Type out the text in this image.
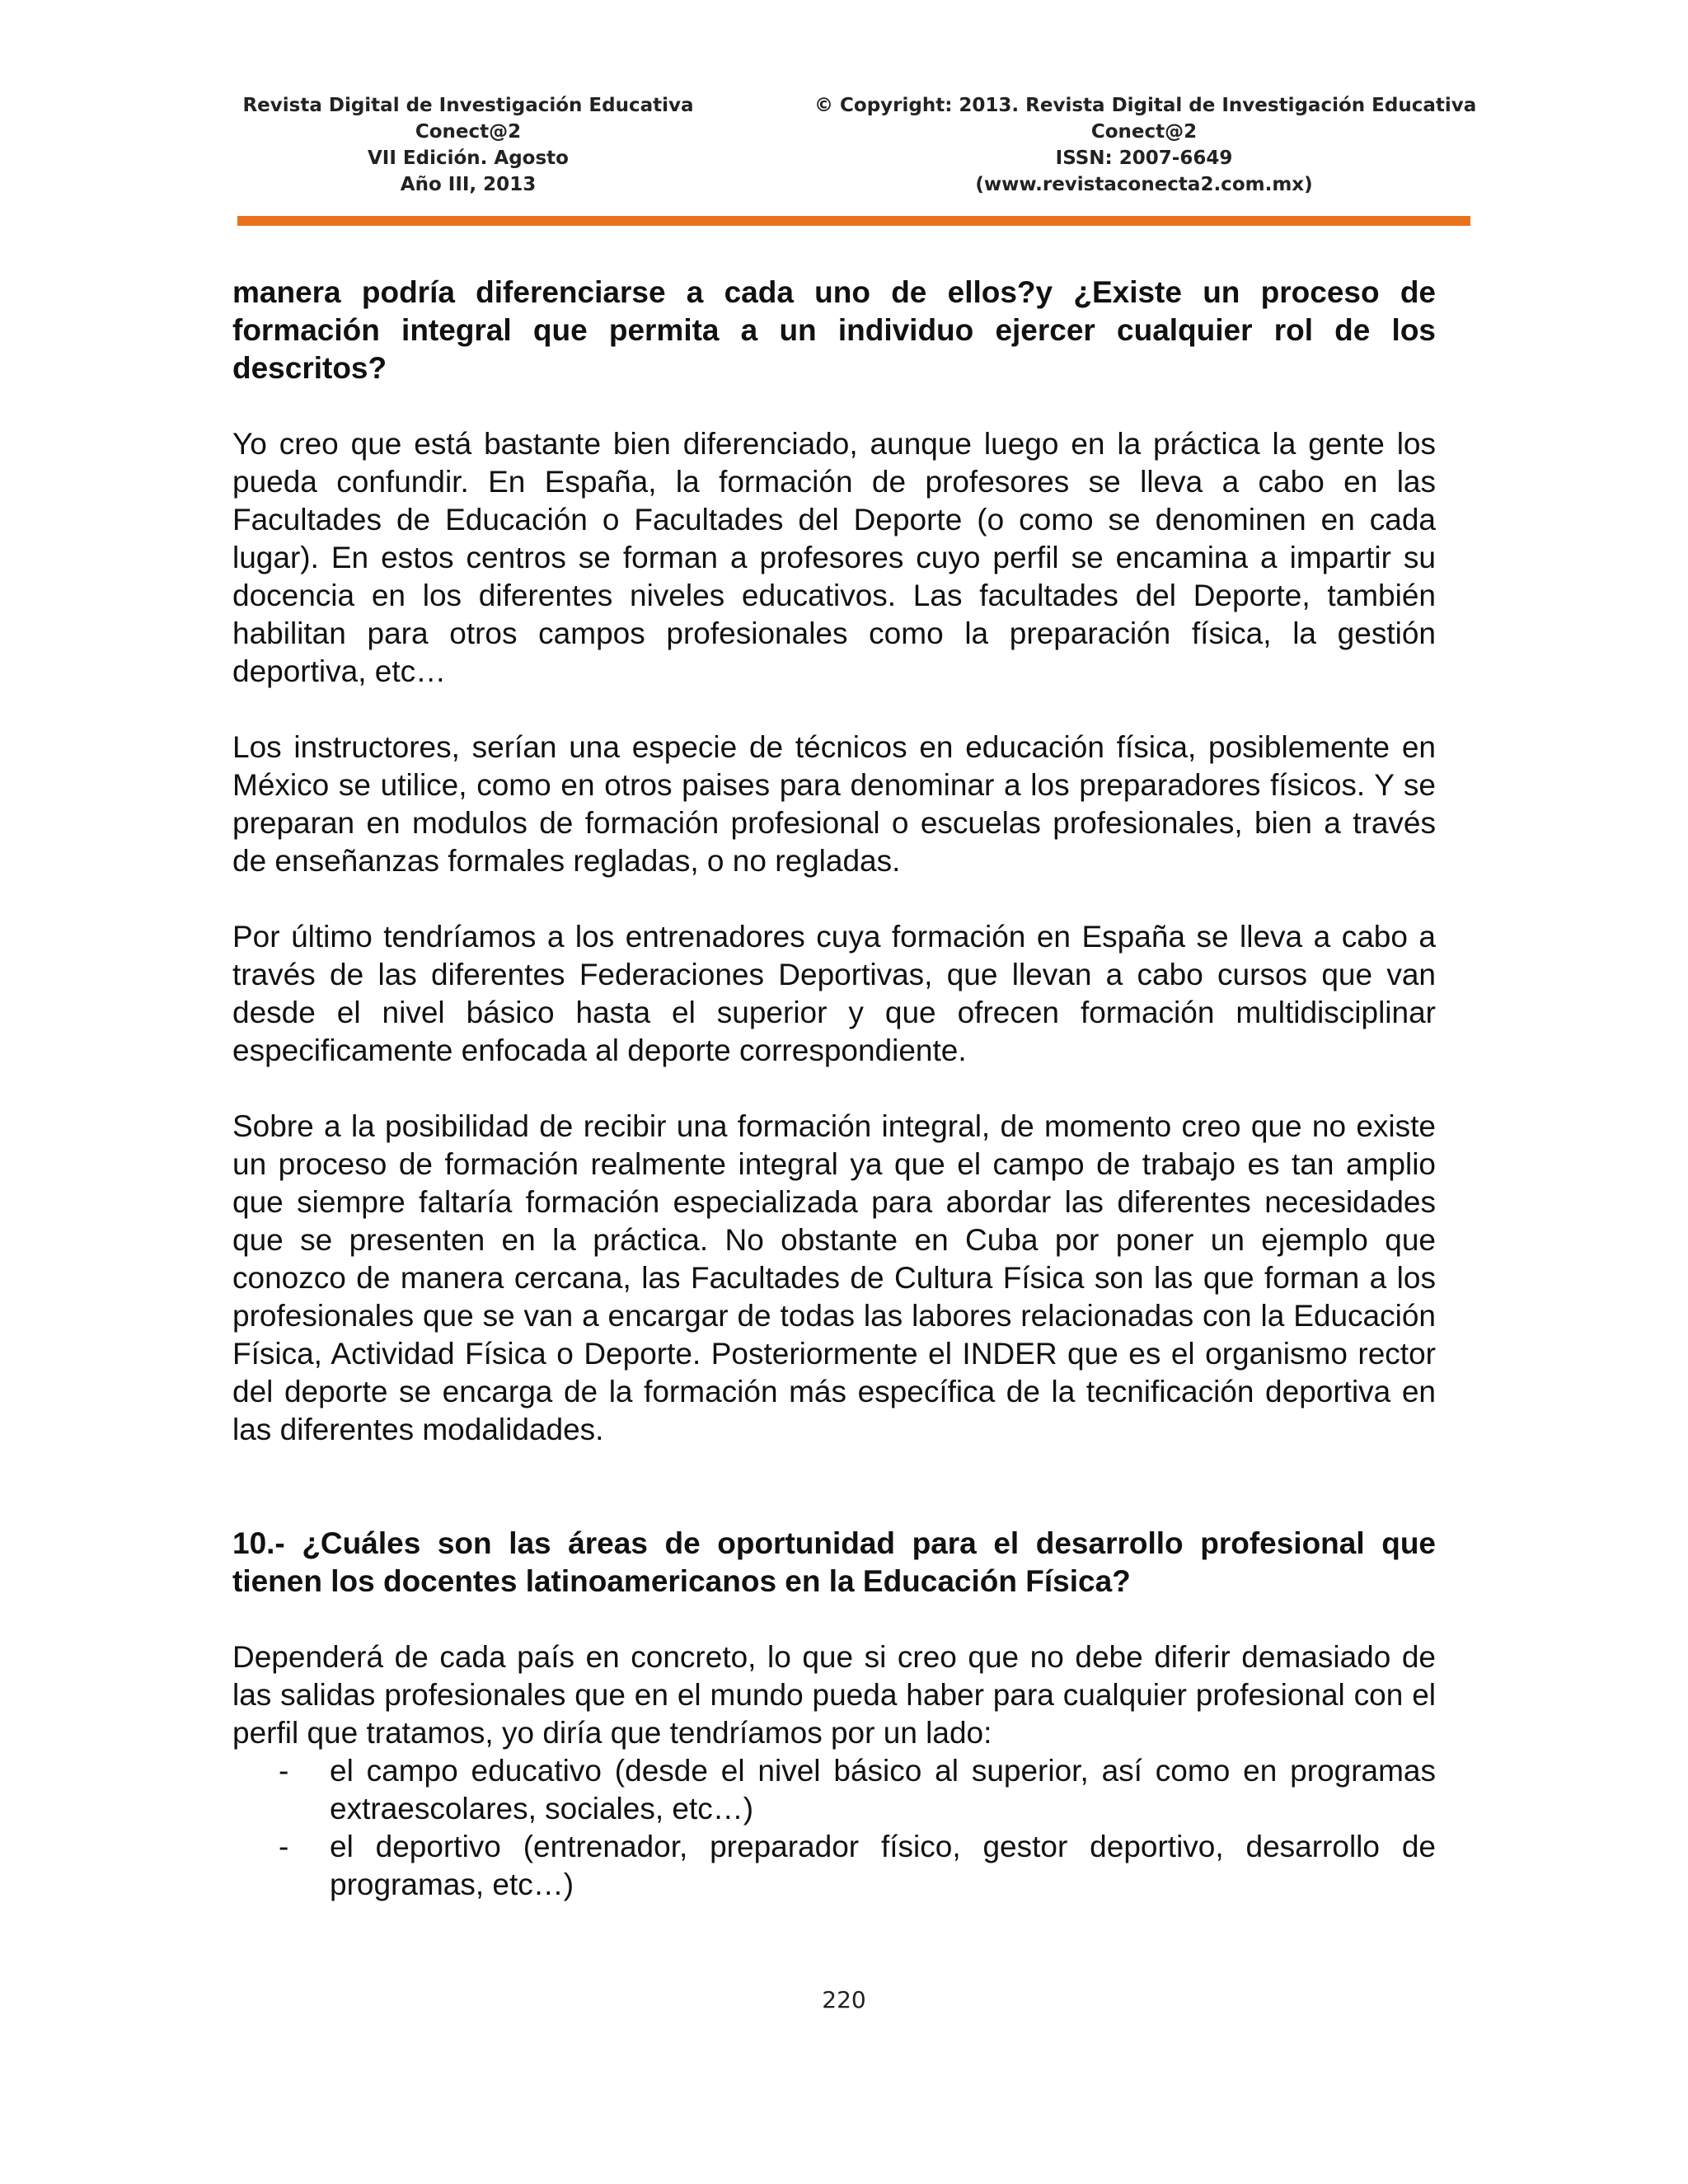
Revista Digital de Investigación Educativa
Conect@2
VII Edición. Agosto
Año III, 2013
© Copyright: 2013. Revista Digital de Investigación Educativa
Conect@2
ISSN: 2007-6649
(www.revistaconecta2.com.mx)

manera podría diferenciarse a cada uno de ellos?y ¿Existe un proceso de formación integral que permita a un individuo ejercer cualquier rol de los descritos?

Yo creo que está bastante bien diferenciado, aunque luego en la práctica la gente los pueda confundir. En España, la formación de profesores se lleva a cabo en las Facultades de Educación o Facultades del Deporte (o como se denominen en cada lugar). En estos centros se forman a profesores cuyo perfil se encamina a impartir su docencia en los diferentes niveles educativos. Las facultades del Deporte, también habilitan para otros campos profesionales como la preparación física, la gestión deportiva, etc…

Los instructores, serían una especie de técnicos en educación física, posiblemente en México se utilice, como en otros paises para denominar a los preparadores físicos. Y se preparan en modulos de formación profesional o escuelas profesionales, bien a través de enseñanzas formales regladas, o no regladas.

Por último tendríamos a los entrenadores cuya formación en España se lleva a cabo a través de las diferentes Federaciones Deportivas, que llevan a cabo cursos que van desde el nivel básico hasta el superior y que ofrecen formación multidisciplinar especificamente enfocada al deporte correspondiente.

Sobre a la posibilidad de recibir una formación integral, de momento creo que no existe un proceso de formación realmente integral ya que el campo de trabajo es tan amplio que siempre faltaría formación especializada para abordar las diferentes necesidades que se presenten en la práctica. No obstante en Cuba por poner un ejemplo que conozco de manera cercana, las Facultades de Cultura Física son las que forman a los profesionales que se van a encargar de todas las labores relacionadas con la Educación Física, Actividad Física o Deporte. Posteriormente el INDER que es el organismo rector del deporte se encarga de la formación más específica de la tecnificación deportiva en las diferentes modalidades.

10.- ¿Cuáles son las áreas de oportunidad para el desarrollo profesional que tienen los docentes latinoamericanos en la Educación Física?

Dependerá de cada país en concreto, lo que si creo que no debe diferir demasiado de las salidas profesionales que en el mundo pueda haber para cualquier profesional con el perfil que tratamos, yo diría que tendríamos por un lado:

- el campo educativo (desde el nivel básico al superior, así como en programas extraescolares, sociales, etc…)
- el deportivo (entrenador, preparador físico, gestor deportivo, desarrollo de programas, etc…)
220
